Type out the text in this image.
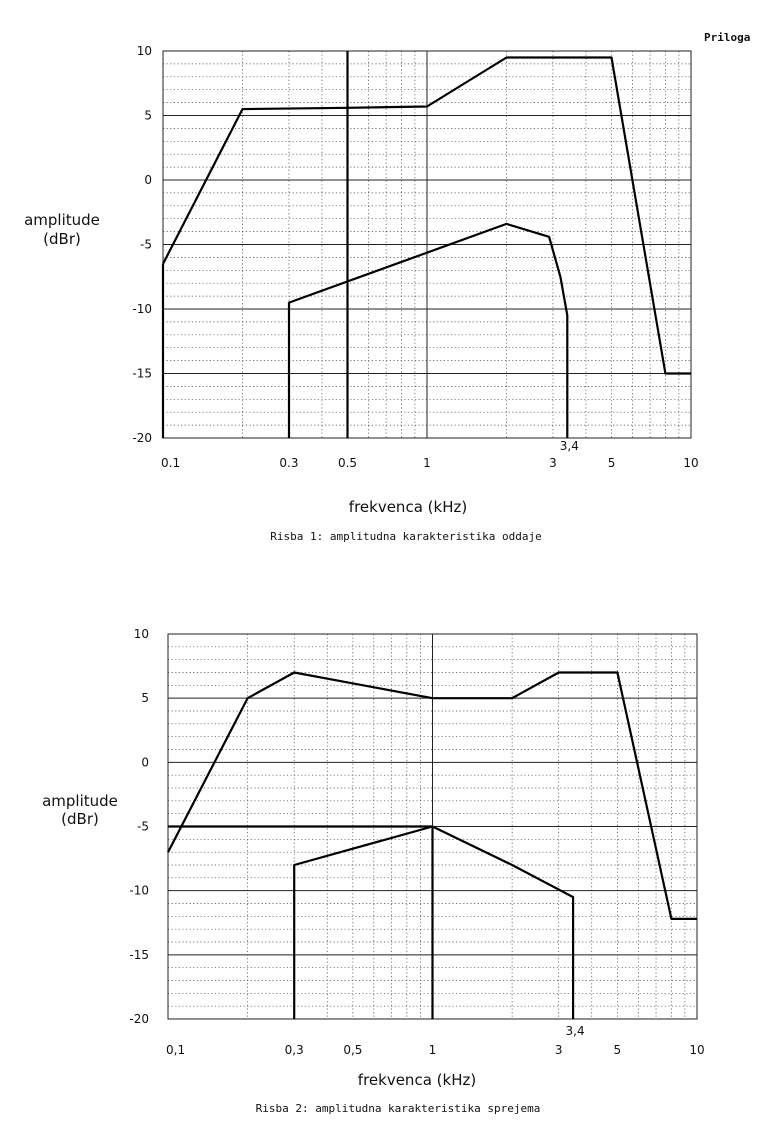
Priloga
10
5
0
-5
-10
-15
-20
0.1	0.3	0.5	1	3	5	10
3,4
amplitude
(dBr)
frekvenca (kHz)
Risba 1: amplitudna karakteristika oddaje
10
5
0
-5
-10
-15
-20
0,1	0,3	0,5	1	3	5	10
3,4
amplitude
(dBr)
frekvenca (kHz)
Risba 2: amplitudna karakteristika sprejema
